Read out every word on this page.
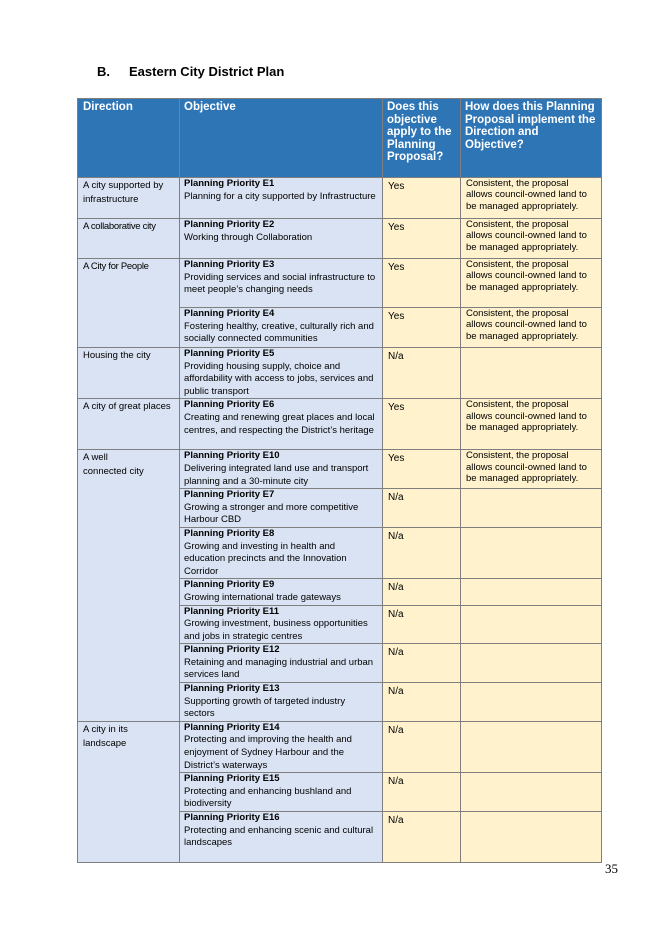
B. Eastern City District Plan
Direction	Objective	Does this objective apply to the Planning Proposal?	How does this Planning Proposal implement the Direction and Objective?
A city supported by infrastructure	Planning Priority E1
Planning for a city supported by Infrastructure	Yes	Consistent, the proposal allows council-owned land to be managed appropriately.
A collaborative city	Planning Priority E2
Working through Collaboration	Yes	Consistent, the proposal allows council-owned land to be managed appropriately.
A City for People	Planning Priority E3
Providing services and social infrastructure to meet people’s changing needs	Yes	Consistent, the proposal allows council-owned land to be managed appropriately.

	Planning Priority E4
Fostering healthy, creative, culturally rich and socially connected communities	Yes	Consistent, the proposal allows council-owned land to be managed appropriately.
Housing the city	Planning Priority E5
Providing housing supply, choice and affordability with access to jobs, services and public transport	N/a	
A city of great places	Planning Priority E6
Creating and renewing great places and local centres, and respecting the District’s heritage	Yes	Consistent, the proposal allows council-owned land to be managed appropriately.

A well connected city	Planning Priority E10
Delivering integrated land use and transport planning and a 30-minute city	Yes	Consistent, the proposal allows council-owned land to be managed appropriately.

	Planning Priority E7
Growing a stronger and more competitive Harbour CBD	N/a	

	Planning Priority E8
Growing and investing in health and education precincts and the Innovation Corridor	N/a	

	Planning Priority E9
Growing international trade gateways	N/a	

	Planning Priority E11
Growing investment, business opportunities and jobs in strategic centres	N/a	

	Planning Priority E12
Retaining and managing industrial and urban services land	N/a	

	Planning Priority E13
Supporting growth of targeted industry sectors	N/a	

A city in its landscape	Planning Priority E14
Protecting and improving the health and enjoyment of Sydney Harbour and the District’s waterways	N/a	

	Planning Priority E15
Protecting and enhancing bushland and biodiversity	N/a	

	Planning Priority E16
Protecting and enhancing scenic and cultural landscapes	N/a	
35
